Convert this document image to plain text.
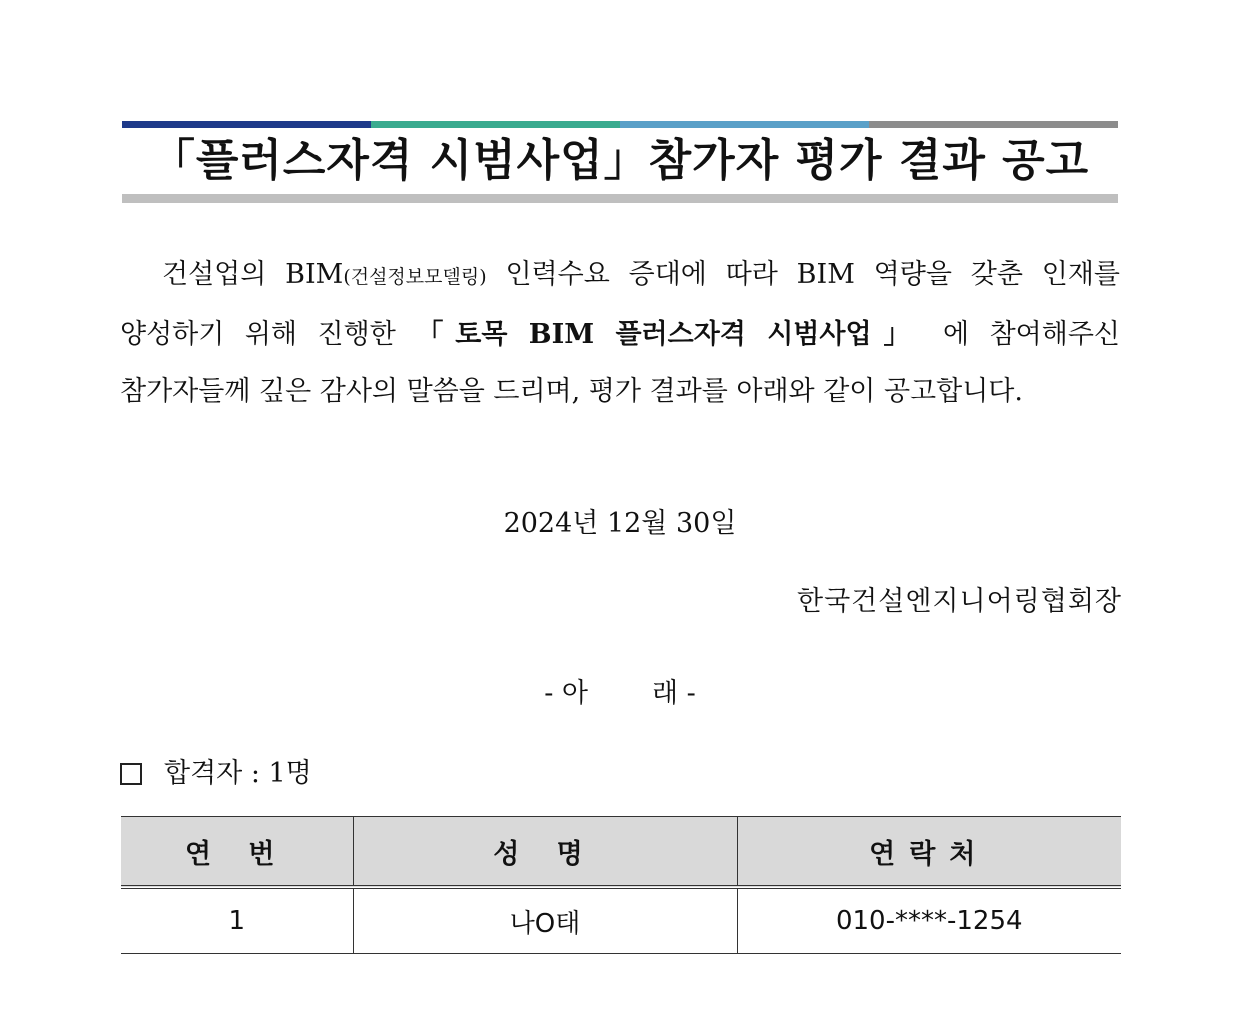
「플러스자격 시범사업」참가자 평가 결과 공고
건설업의 BIM(건설정보모델링) 인력수요 증대에 따라 BIM 역량을 갖춘 인재를 양성하기 위해 진행한 「토목 BIM 플러스자격 시범사업」 에 참여해주신 참가자들께 깊은 감사의 말씀을 드리며, 평가 결과를 아래와 같이 공고합니다.
2024년 12월 30일
한국건설엔지니어링협회장
- 아 래 -
합격자 : 1명
연 번	성 명	연락처
1	나O태	010-****-1254
